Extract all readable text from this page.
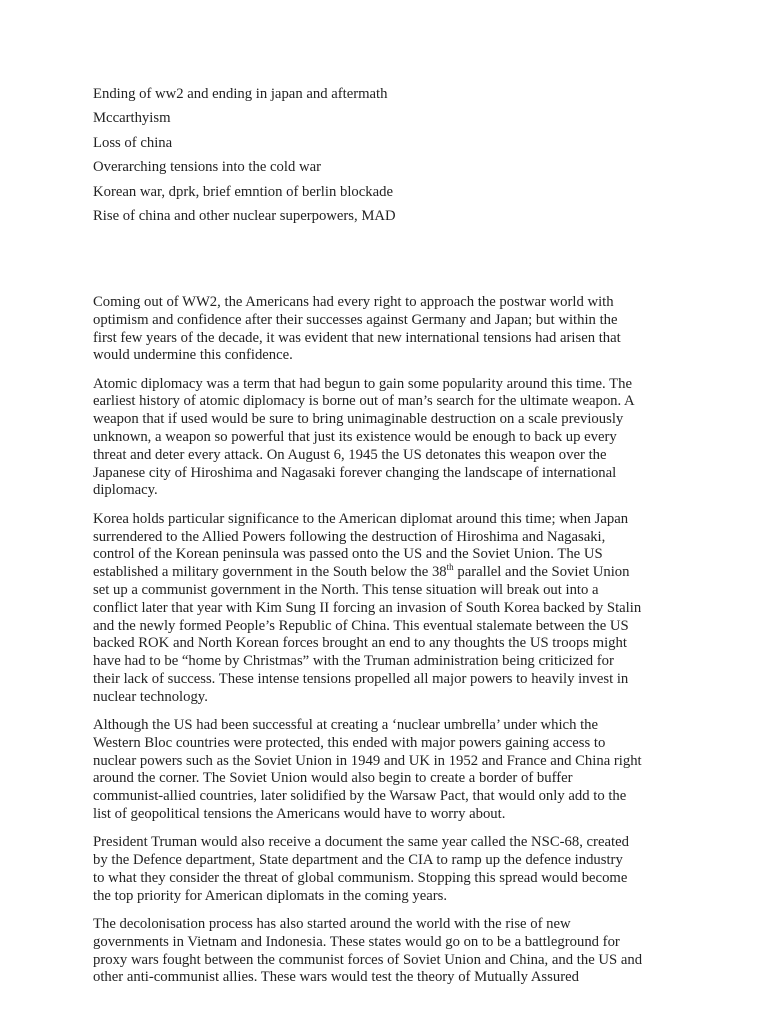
Ending of ww2 and ending in japan and aftermath
Mccarthyism
Loss of china
Overarching tensions into the cold war
Korean war, dprk, brief emntion of berlin blockade
Rise of china and other nuclear superpowers, MAD

Coming out of WW2, the Americans had every right to approach the postwar world with
optimism and confidence after their successes against Germany and Japan; but within the
first few years of the decade, it was evident that new international tensions had arisen that
would undermine this confidence.

Atomic diplomacy was a term that had begun to gain some popularity around this time. The
earliest history of atomic diplomacy is borne out of man’s search for the ultimate weapon. A
weapon that if used would be sure to bring unimaginable destruction on a scale previously
unknown, a weapon so powerful that just its existence would be enough to back up every
threat and deter every attack. On August 6, 1945 the US detonates this weapon over the
Japanese city of Hiroshima and Nagasaki forever changing the landscape of international
diplomacy.

Korea holds particular significance to the American diplomat around this time; when Japan
surrendered to the Allied Powers following the destruction of Hiroshima and Nagasaki,
control of the Korean peninsula was passed onto the US and the Soviet Union. The US
established a military government in the South below the 38th parallel and the Soviet Union
set up a communist government in the North. This tense situation will break out into a
conflict later that year with Kim Sung II forcing an invasion of South Korea backed by Stalin
and the newly formed People’s Republic of China. This eventual stalemate between the US
backed ROK and North Korean forces brought an end to any thoughts the US troops might
have had to be “home by Christmas” with the Truman administration being criticized for
their lack of success. These intense tensions propelled all major powers to heavily invest in
nuclear technology.

Although the US had been successful at creating a ‘nuclear umbrella’ under which the
Western Bloc countries were protected, this ended with major powers gaining access to
nuclear powers such as the Soviet Union in 1949 and UK in 1952 and France and China right
around the corner. The Soviet Union would also begin to create a border of buffer
communist-allied countries, later solidified by the Warsaw Pact, that would only add to the
list of geopolitical tensions the Americans would have to worry about.

President Truman would also receive a document the same year called the NSC-68, created
by the Defence department, State department and the CIA to ramp up the defence industry
to what they consider the threat of global communism. Stopping this spread would become
the top priority for American diplomats in the coming years.

The decolonisation process has also started around the world with the rise of new
governments in Vietnam and Indonesia. These states would go on to be a battleground for
proxy wars fought between the communist forces of Soviet Union and China, and the US and
other anti-communist allies. These wars would test the theory of Mutually Assured
